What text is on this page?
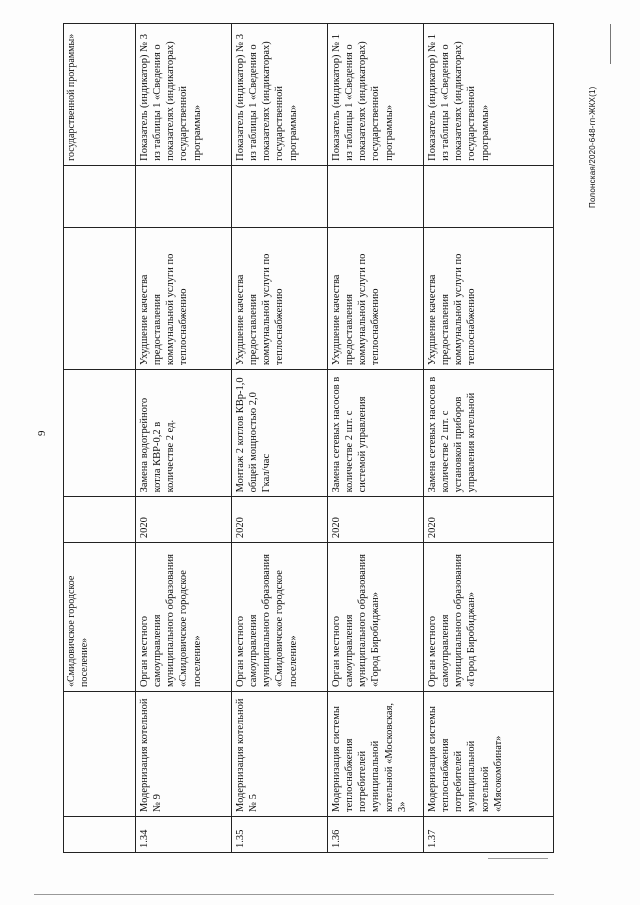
9
Полонская/2020-648-гп-ЖКХ(1)
		«Смидовичское городское поселение»					государственной программы»
1.34	Модернизация котельной № 9	Орган местного самоуправления муниципального образования «Смидовичское городское поселение»	2020	Замена водогрейного котла КВР-0,2 в количестве 2 ед.	Ухудшение качества предоставления коммунальной услуги по теплоснабжению		Показатель (индикатор) № 3 из таблицы 1 «Сведения о показателях (индикаторах) государственной программы»
1.35	Модернизация котельной № 5	Орган местного самоуправления муниципального образования «Смидовичское городское поселение»	2020	Монтаж 2 котлов КВр-1,0 общей мощностью 2,0 Гкал/час	Ухудшение качества предоставления коммунальной услуги по теплоснабжению		Показатель (индикатор) № 3 из таблицы 1 «Сведения о показателях (индикаторах) государственной программы»
1.36	Модернизация системы теплоснабжения потребителей муниципальной котельной «Московская, 3»	Орган местного самоуправления муниципального образования «Город Биробиджан»	2020	Замена сетевых насосов в количестве 2 шт. с системой управления	Ухудшение качества предоставления коммунальной услуги по теплоснабжению		Показатель (индикатор) № 1 из таблицы 1 «Сведения о показателях (индикаторах) государственной программы»
1.37	Модернизация системы теплоснабжения потребителей муниципальной котельной «Мясокомбинат»	Орган местного самоуправления муниципального образования «Город Биробиджан»	2020	Замена сетевых насосов в количестве 2 шт. с установкой приборов управления котельной	Ухудшение качества предоставления коммунальной услуги по теплоснабжению		Показатель (индикатор) № 1 из таблицы 1 «Сведения о показателях (индикаторах) государственной программы»
